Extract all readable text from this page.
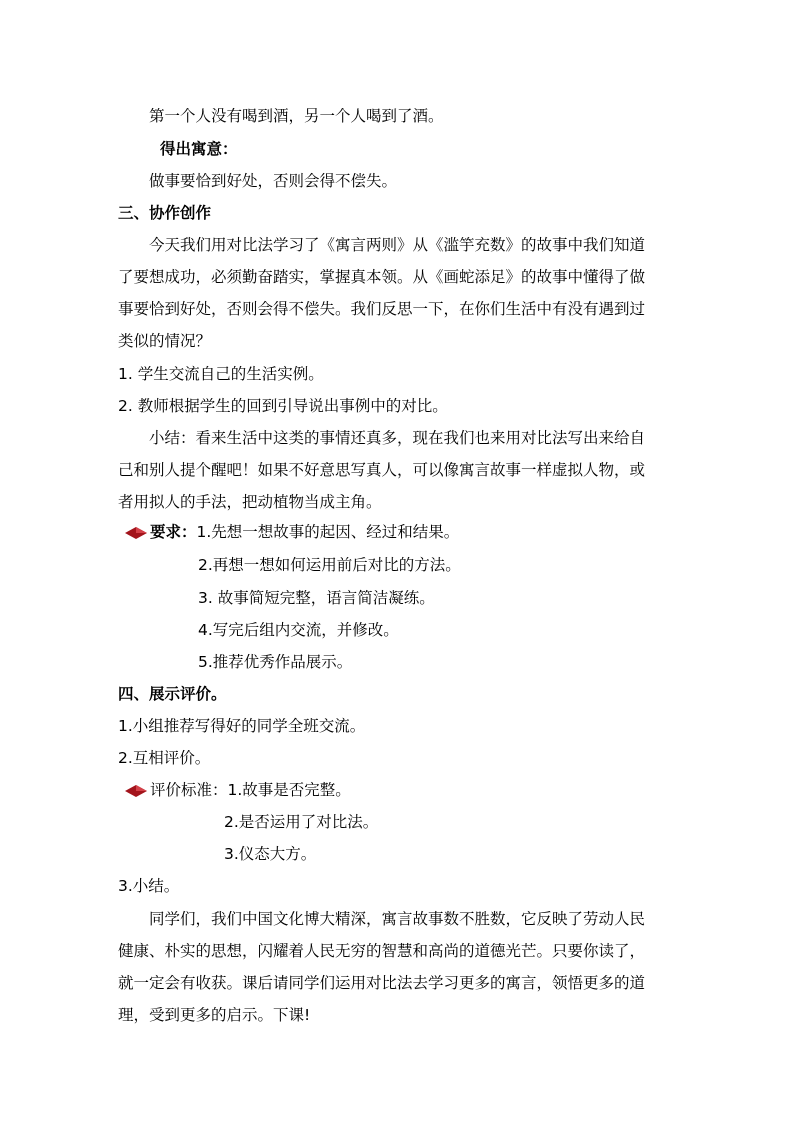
第一个人没有喝到酒，另一个人喝到了酒。
得出寓意：
做事要恰到好处，否则会得不偿失。
三、协作创作
今天我们用对比法学习了《寓言两则》从《滥竽充数》的故事中我们知道
了要想成功，必须勤奋踏实，掌握真本领。从《画蛇添足》的故事中懂得了做
事要恰到好处，否则会得不偿失。我们反思一下，在你们生活中有没有遇到过
类似的情况？
1. 学生交流自己的生活实例。
2. 教师根据学生的回到引导说出事例中的对比。
小结：看来生活中这类的事情还真多，现在我们也来用对比法写出来给自
己和别人提个醒吧！如果不好意思写真人，可以像寓言故事一样虚拟人物，或
者用拟人的手法，把动植物当成主角。
要求：1.先想一想故事的起因、经过和结果。
2.再想一想如何运用前后对比的方法。
3. 故事简短完整，语言简洁凝练。
4.写完后组内交流，并修改。
5.推荐优秀作品展示。
四、展示评价。
1.小组推荐写得好的同学全班交流。
2.互相评价。
评价标准：1.故事是否完整。
2.是否运用了对比法。
3.仪态大方。
3.小结。
同学们，我们中国文化博大精深，寓言故事数不胜数，它反映了劳动人民
健康、朴实的思想，闪耀着人民无穷的智慧和高尚的道德光芒。只要你读了，
就一定会有收获。课后请同学们运用对比法去学习更多的寓言，领悟更多的道
理，受到更多的启示。下课!
